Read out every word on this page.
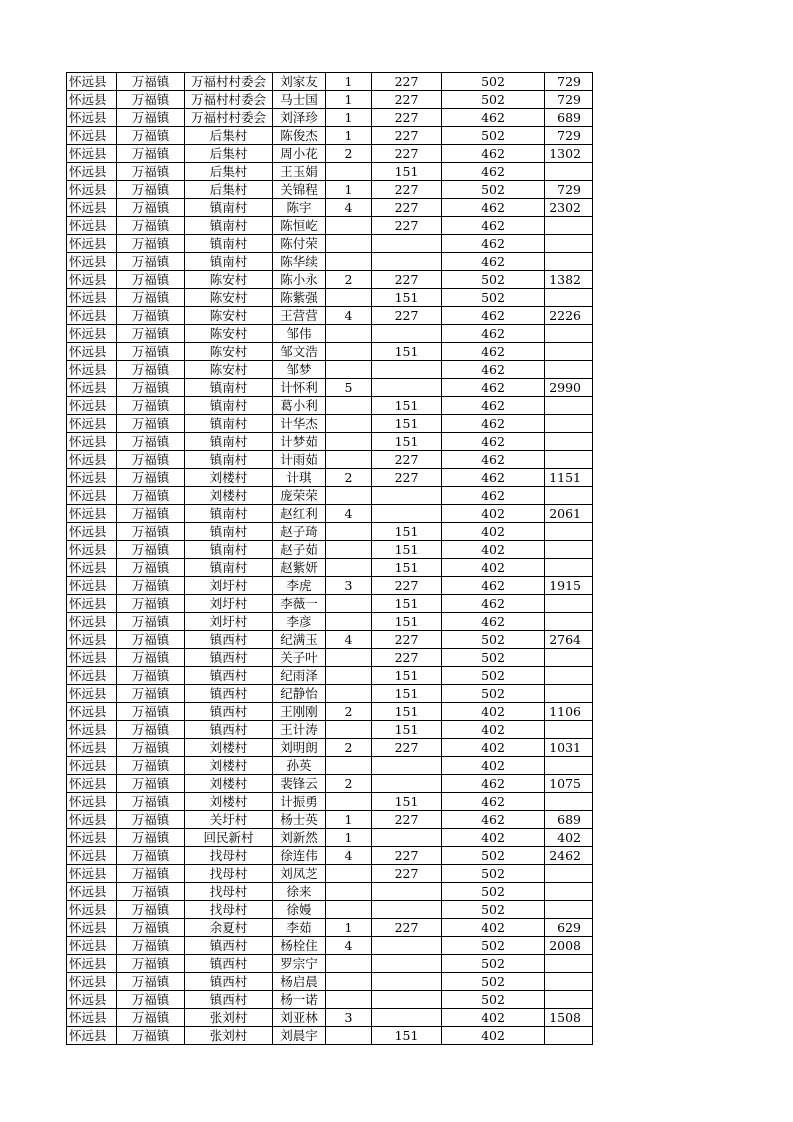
怀远县	万福镇	万福村村委会	刘家友	1	227	502	729
怀远县	万福镇	万福村村委会	马士国	1	227	502	729
怀远县	万福镇	万福村村委会	刘泽珍	1	227	462	689
怀远县	万福镇	后集村	陈俊杰	1	227	502	729
怀远县	万福镇	后集村	周小花	2	227	462	1302
怀远县	万福镇	后集村	王玉娟		151	462	
怀远县	万福镇	后集村	关锦程	1	227	502	729
怀远县	万福镇	镇南村	陈宇	4	227	462	2302
怀远县	万福镇	镇南村	陈恒屹		227	462	
怀远县	万福镇	镇南村	陈付荣			462	
怀远县	万福镇	镇南村	陈华续			462	
怀远县	万福镇	陈安村	陈小永	2	227	502	1382
怀远县	万福镇	陈安村	陈紫强		151	502	
怀远县	万福镇	陈安村	王营营	4	227	462	2226
怀远县	万福镇	陈安村	邹伟			462	
怀远县	万福镇	陈安村	邹文浩		151	462	
怀远县	万福镇	陈安村	邹梦			462	
怀远县	万福镇	镇南村	计怀利	5		462	2990
怀远县	万福镇	镇南村	葛小利		151	462	
怀远县	万福镇	镇南村	计华杰		151	462	
怀远县	万福镇	镇南村	计梦茹		151	462	
怀远县	万福镇	镇南村	计雨茹		227	462	
怀远县	万福镇	刘楼村	计琪	2	227	462	1151
怀远县	万福镇	刘楼村	庞荣荣			462	
怀远县	万福镇	镇南村	赵红利	4		402	2061
怀远县	万福镇	镇南村	赵子琦		151	402	
怀远县	万福镇	镇南村	赵子茹		151	402	
怀远县	万福镇	镇南村	赵紫妍		151	402	
怀远县	万福镇	刘圩村	李虎	3	227	462	1915
怀远县	万福镇	刘圩村	李薇一		151	462	
怀远县	万福镇	刘圩村	李彦		151	462	
怀远县	万福镇	镇西村	纪满玉	4	227	502	2764
怀远县	万福镇	镇西村	关子叶		227	502	
怀远县	万福镇	镇西村	纪雨泽		151	502	
怀远县	万福镇	镇西村	纪静怡		151	502	
怀远县	万福镇	镇西村	王刚刚	2	151	402	1106
怀远县	万福镇	镇西村	王计涛		151	402	
怀远县	万福镇	刘楼村	刘明朗	2	227	402	1031
怀远县	万福镇	刘楼村	孙英			402	
怀远县	万福镇	刘楼村	裴锋云	2		462	1075
怀远县	万福镇	刘楼村	计振勇		151	462	
怀远县	万福镇	关圩村	杨士英	1	227	462	689
怀远县	万福镇	回民新村	刘新然	1		402	402
怀远县	万福镇	找母村	徐连伟	4	227	502	2462
怀远县	万福镇	找母村	刘凤芝		227	502	
怀远县	万福镇	找母村	徐来			502	
怀远县	万福镇	找母村	徐嫚			502	
怀远县	万福镇	余夏村	李茹	1	227	402	629
怀远县	万福镇	镇西村	杨栓住	4		502	2008
怀远县	万福镇	镇西村	罗宗宁			502	
怀远县	万福镇	镇西村	杨启晨			502	
怀远县	万福镇	镇西村	杨一诺			502	
怀远县	万福镇	张刘村	刘亚林	3		402	1508
怀远县	万福镇	张刘村	刘晨宇		151	402	
